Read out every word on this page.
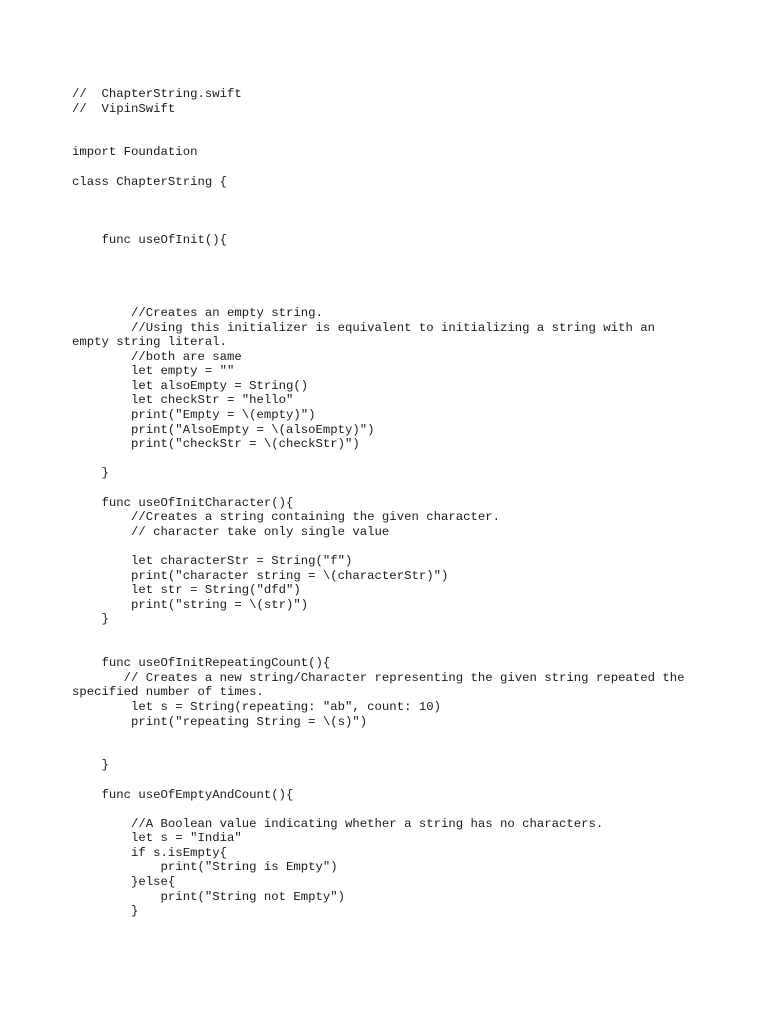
//  ChapterString.swift
//  VipinSwift
import Foundation
class ChapterString {
func useOfInit(){
//Creates an empty string.
//Using this initializer is equivalent to initializing a string with an
empty string literal.
//both are same
let empty = ""
let alsoEmpty = String()
let checkStr = "hello"
print("Empty = \(empty)")
print("AlsoEmpty = \(alsoEmpty)")
print("checkStr = \(checkStr)")
}
func useOfInitCharacter(){
//Creates a string containing the given character.
// character take only single value
let characterStr = String("f")
print("character string = \(characterStr)")
let str = String("dfd")
print("string = \(str)")
}
func useOfInitRepeatingCount(){
// Creates a new string/Character representing the given string repeated the
specified number of times.
let s = String(repeating: "ab", count: 10)
print("repeating String = \(s)")
}
func useOfEmptyAndCount(){
//A Boolean value indicating whether a string has no characters.
let s = "India"
if s.isEmpty{
print("String is Empty")
}else{
print("String not Empty")
}
